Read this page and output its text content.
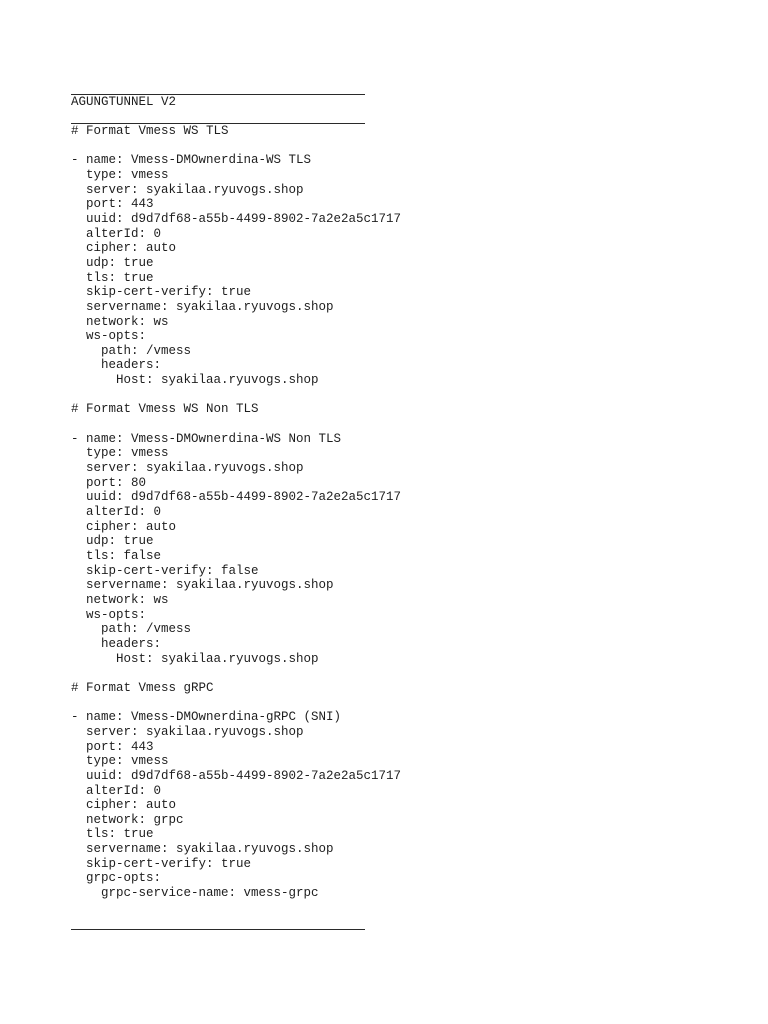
AGUNGTUNNEL V2
# Format Vmess WS TLS
- name: Vmess-DMOwnerdina-WS TLS
type: vmess
server: syakilaa.ryuvogs.shop
port: 443
uuid: d9d7df68-a55b-4499-8902-7a2e2a5c1717
alterId: 0
cipher: auto
udp: true
tls: true
skip-cert-verify: true
servername: syakilaa.ryuvogs.shop
network: ws
ws-opts:
path: /vmess
headers:
Host: syakilaa.ryuvogs.shop
# Format Vmess WS Non TLS
- name: Vmess-DMOwnerdina-WS Non TLS
type: vmess
server: syakilaa.ryuvogs.shop
port: 80
uuid: d9d7df68-a55b-4499-8902-7a2e2a5c1717
alterId: 0
cipher: auto
udp: true
tls: false
skip-cert-verify: false
servername: syakilaa.ryuvogs.shop
network: ws
ws-opts:
path: /vmess
headers:
Host: syakilaa.ryuvogs.shop
# Format Vmess gRPC
- name: Vmess-DMOwnerdina-gRPC (SNI)
server: syakilaa.ryuvogs.shop
port: 443
type: vmess
uuid: d9d7df68-a55b-4499-8902-7a2e2a5c1717
alterId: 0
cipher: auto
network: grpc
tls: true
servername: syakilaa.ryuvogs.shop
skip-cert-verify: true
grpc-opts:
grpc-service-name: vmess-grpc
